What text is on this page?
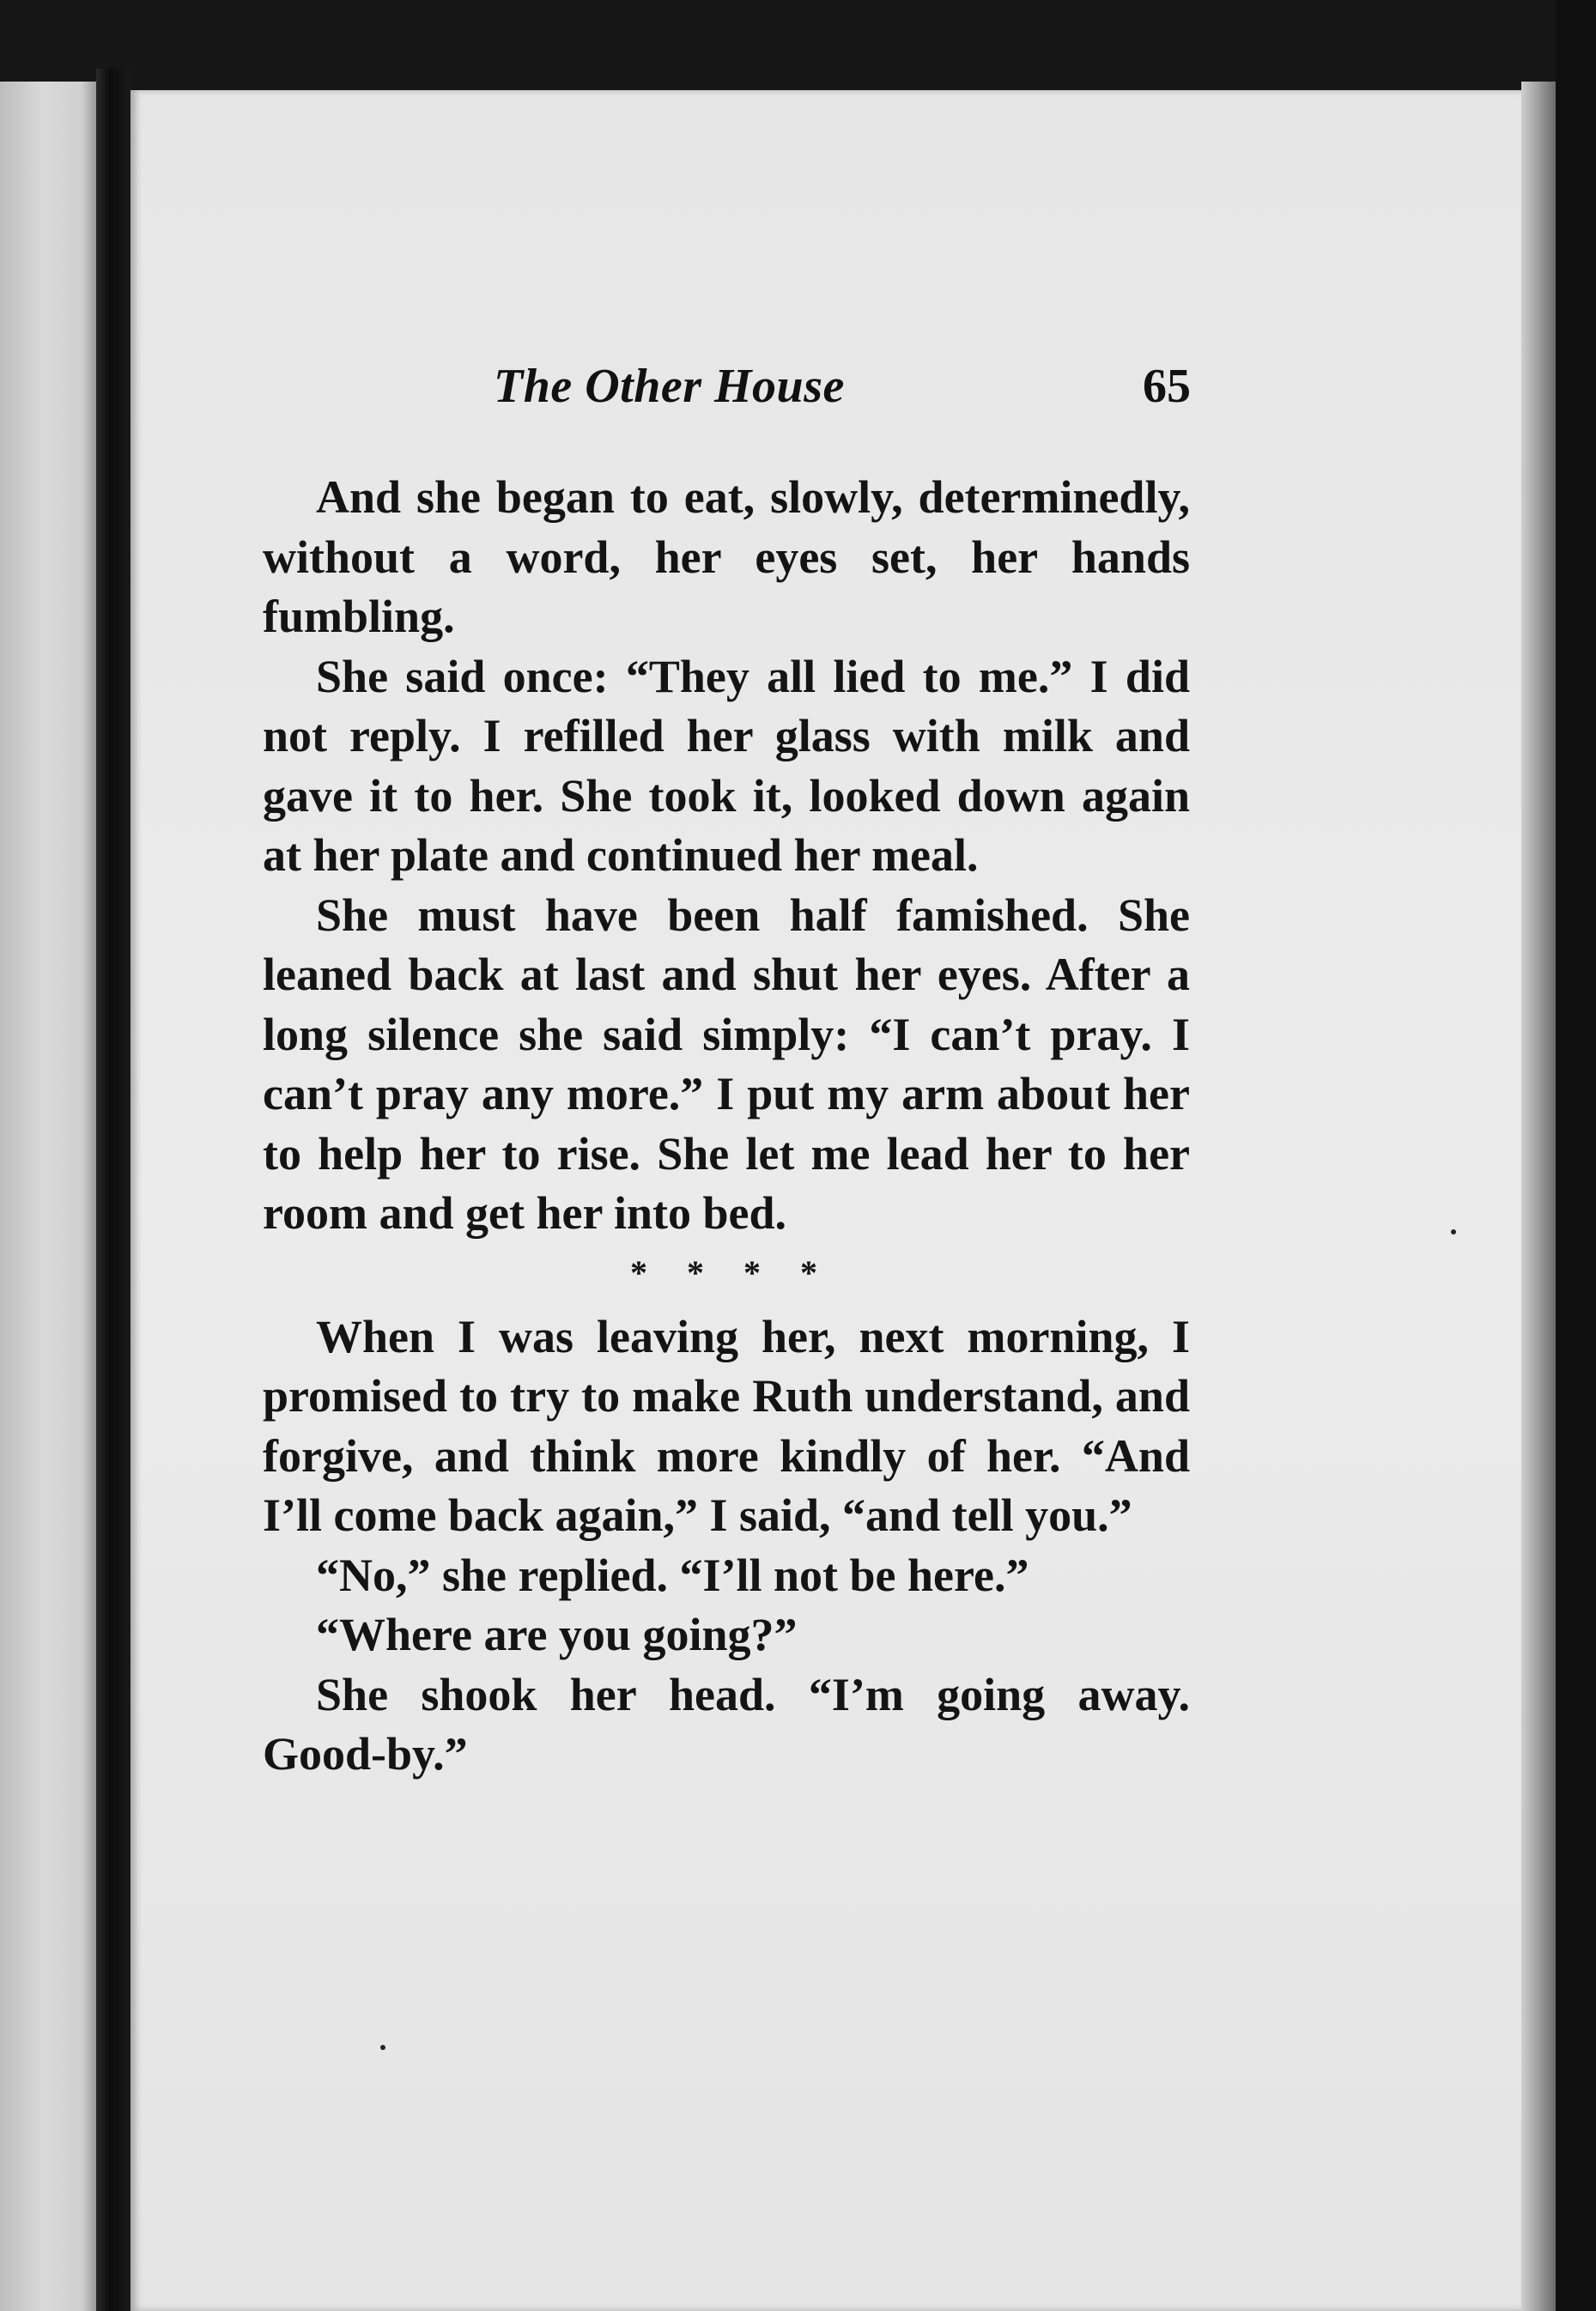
The Other House	65

And she began to eat, slowly, determinedly, without a word, her eyes set, her hands fumbling.

She said once: “They all lied to me.” I did not reply. I refilled her glass with milk and gave it to her. She took it, looked down again at her plate and continued her meal.

She must have been half famished. She leaned back at last and shut her eyes. After a long silence she said simply: “I can’t pray. I can’t pray any more.” I put my arm about her to help her to rise. She let me lead her to her room and get her into bed.

****

When I was leaving her, next morning, I promised to try to make Ruth understand, and forgive, and think more kindly of her. “And I’ll come back again,” I said, “and tell you.”

“No,” she replied. “I’ll not be here.”

“Where are you going?”

She shook her head. “I’m going away. Good-by.”
